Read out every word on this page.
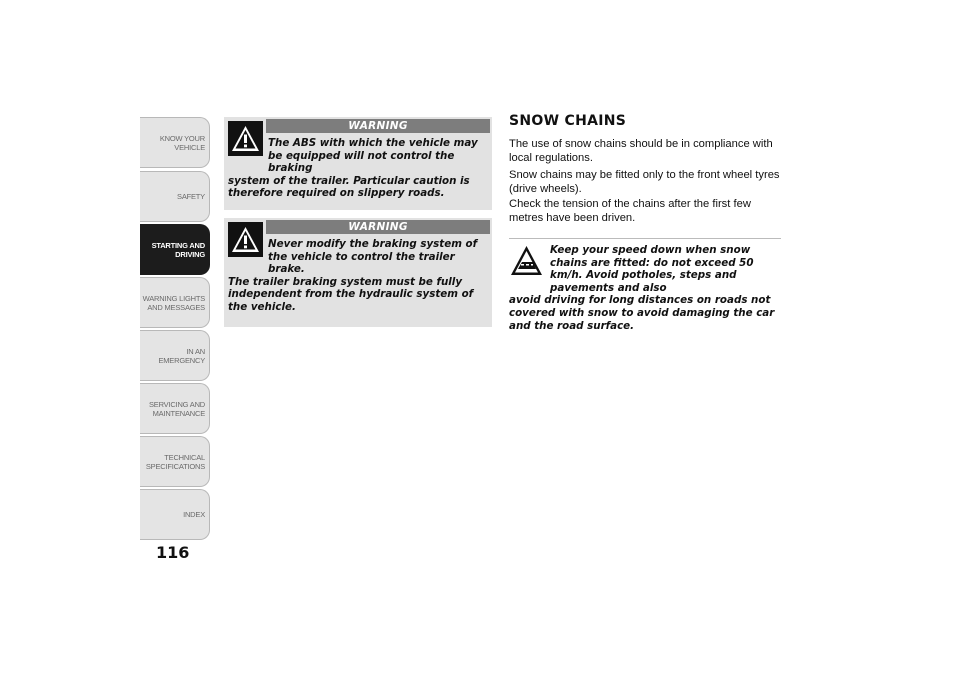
KNOW YOUR
VEHICLE
SAFETY
STARTING AND
DRIVING
WARNING LIGHTS
AND MESSAGES
IN AN EMERGENCY
SERVICING AND
MAINTENANCE
TECHNICAL
SPECIFICATIONS
INDEX
116
WARNING
The ABS with which the vehicle may be equipped will not control the braking
system of the trailer. Particular caution is therefore required on slippery roads.
WARNING
Never modify the braking system of the vehicle to control the trailer brake.
The trailer braking system must be fully independent from the hydraulic system of the vehicle.
SNOW CHAINS
The use of snow chains should be in compliance with local regulations.
Snow chains may be fitted only to the front wheel tyres (drive wheels).
Check the tension of the chains after the first few metres have been driven.
Keep your speed down when snow chains are fitted: do not exceed 50 km/h. Avoid potholes, steps and pavements and also
avoid driving for long distances on roads not covered with snow to avoid damaging the car and the road surface.
